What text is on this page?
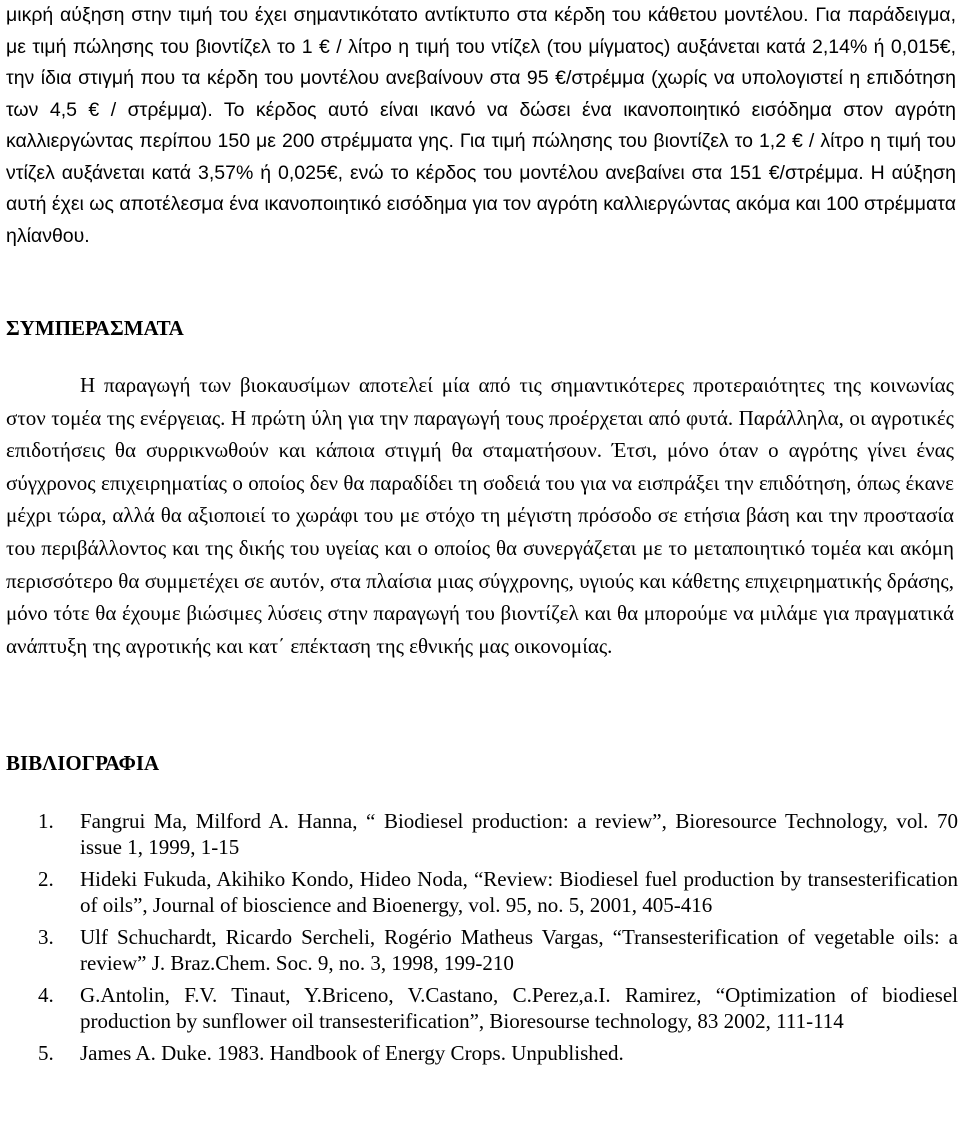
μικρή αύξηση στην τιμή του έχει σημαντικότατο αντίκτυπο στα κέρδη του κάθετου μοντέλου. Για παράδειγμα, με τιμή πώλησης του βιοντίζελ το 1 € / λίτρο η τιμή του ντίζελ (του μίγματος) αυξάνεται κατά 2,14% ή 0,015€, την ίδια στιγμή που τα κέρδη του μοντέλου ανεβαίνουν στα 95 €/στρέμμα (χωρίς να υπολογιστεί η επιδότηση των 4,5 € / στρέμμα). Το κέρδος αυτό είναι ικανό να δώσει ένα ικανοποιητικό εισόδημα στον αγρότη καλλιεργώντας περίπου 150 με 200 στρέμματα γης. Για τιμή πώλησης του βιοντίζελ το 1,2 € / λίτρο η τιμή του ντίζελ αυξάνεται κατά 3,57% ή 0,025€, ενώ το κέρδος του μοντέλου ανεβαίνει στα 151 €/στρέμμα. Η αύξηση αυτή έχει ως αποτέλεσμα ένα ικανοποιητικό εισόδημα για τον αγρότη καλλιεργώντας ακόμα και 100 στρέμματα ηλίανθου.

ΣΥΜΠΕΡΑΣΜΑΤΑ

Η παραγωγή των βιοκαυσίμων αποτελεί μία από τις σημαντικότερες προτεραιότητες της κοινωνίας στον τομέα της ενέργειας. Η πρώτη ύλη για την παραγωγή τους προέρχεται από φυτά. Παράλληλα, οι αγροτικές επιδοτήσεις θα συρρικνωθούν και κάποια στιγμή θα σταματήσουν. Έτσι, μόνο όταν ο αγρότης γίνει ένας σύγχρονος επιχειρηματίας ο οποίος δεν θα παραδίδει τη σοδειά του για να εισπράξει την επιδότηση, όπως έκανε μέχρι τώρα, αλλά θα αξιοποιεί το χωράφι του με στόχο τη μέγιστη πρόσοδο σε ετήσια βάση και την προστασία του περιβάλλοντος και της δικής του υγείας και ο οποίος θα συνεργάζεται με το μεταποιητικό τομέα και ακόμη περισσότερο θα συμμετέχει σε αυτόν, στα πλαίσια μιας σύγχρονης, υγιούς και κάθετης επιχειρηματικής δράσης, μόνο τότε θα έχουμε βιώσιμες λύσεις στην παραγωγή του βιοντίζελ και θα μπορούμε να μιλάμε για πραγματικά ανάπτυξη της αγροτικής και κατ΄ επέκταση της εθνικής μας οικονομίας.

ΒΙΒΛΙΟΓΡΑΦΙΑ
1. Fangrui Ma, Milford A. Hanna, “ Biodiesel production: a review”, Bioresource Technology, vol. 70 issue 1, 1999, 1-15
2. Hideki Fukuda, Akihiko Kondo, Hideo Noda, “Review: Biodiesel fuel production by transesterification of oils”, Journal of bioscience and Bioenergy, vol. 95, no. 5, 2001, 405-416
3. Ulf Schuchardt, Ricardo Sercheli, Rogério Matheus Vargas, “Transesterification of vegetable oils: a review” J. Braz.Chem. Soc. 9, no. 3, 1998, 199-210
4. G.Antolin, F.V. Tinaut, Y.Briceno, V.Castano, C.Perez,a.I. Ramirez, “Optimization of biodiesel production by sunflower oil transesterification”, Bioresourse technology, 83 2002, 111-114
5. James A. Duke. 1983. Handbook of Energy Crops. Unpublished.
